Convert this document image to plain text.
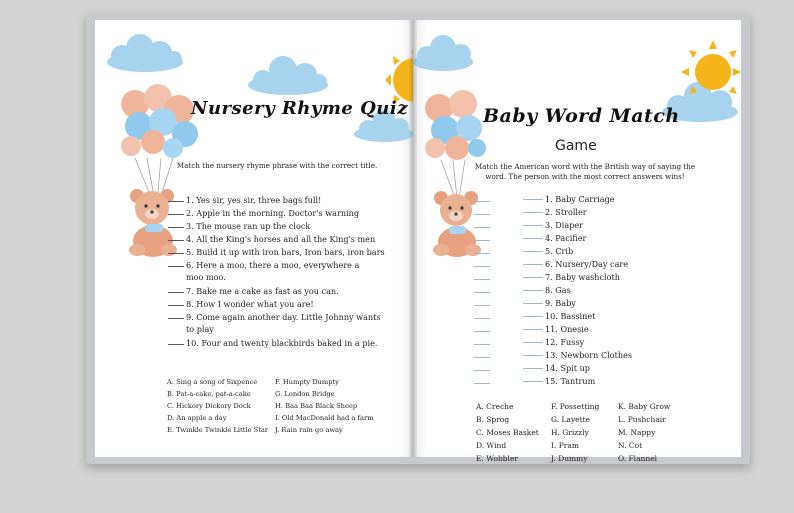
Nursery Rhyme Quiz
Match the nursery rhyme phrase with the correct title.
1. Yes sir, yes sir, three bags full!
2. Apple in the morning. Doctor's warning
3. The mouse ran up the clock
4. All the King's horses and all the King's men
5. Build it up with iron bars, Iron bars, iron bars
6. Here a moo, there a moo, everywhere a
moo moo.
7. Bake me a cake as fast as you can.
8. How I wonder what you are!
9. Come again another day. Little Johnny wants
to play
10. Four and twenty blackbirds baked in a pie.
A. Sing a song of Sixpence
B. Pat-a-cake, pat-a-cake
C. Hickory Dickory Dock
D. An apple a day
E. Twinkle Twinkle Little Star
F. Humpty Dumpty
G. London Bridge
H. Baa Baa Black Sheep
I. Old MacDonald had a farm
J. Rain rain go away
Baby Word Match
Game
Match the American word with the British way of saying the
word. The person with the most correct answers wins!
1. Baby Carriage
2. Stroller
3. Diaper
4. Pacifier
5. Crib
6. Nursery/Day care
7. Baby washcloth
8. Gas
9. Baby
10. Bassinet
11. Onesie
12. Fussy
13. Newborn Clothes
14. Spit up
15. Tantrum
A. Creche
B. Sprog
C. Moses Basket
D. Wind
E. Wobbler
F. Possetting
G. Layette
H. Grizzly
I. Pram
J. Dummy
K. Baby Grow
L. Pushchair
M. Nappy
N. Cot
O. Flannel
